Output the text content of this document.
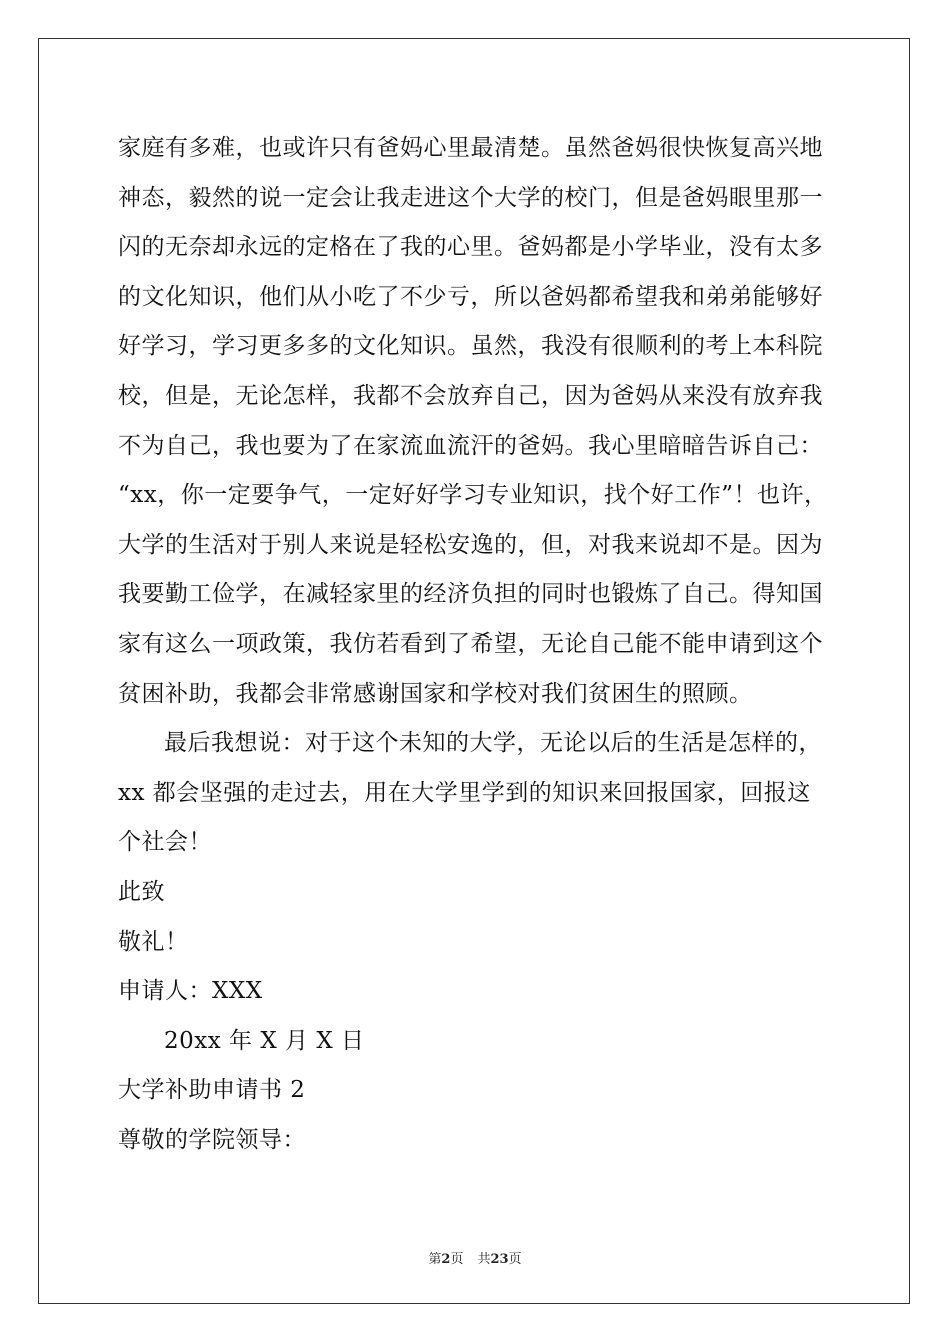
家庭有多难，也或许只有爸妈心里最清楚。虽然爸妈很快恢复高兴地
神态，毅然的说一定会让我走进这个大学的校门，但是爸妈眼里那一
闪的无奈却永远的定格在了我的心里。爸妈都是小学毕业，没有太多
的文化知识，他们从小吃了不少亏，所以爸妈都希望我和弟弟能够好
好学习，学习更多多的文化知识。虽然，我没有很顺利的考上本科院
校，但是，无论怎样，我都不会放弃自己，因为爸妈从来没有放弃我
不为自己，我也要为了在家流血流汗的爸妈。我心里暗暗告诉自己：
“xx，你一定要争气，一定好好学习专业知识，找个好工作”！也许，
大学的生活对于别人来说是轻松安逸的，但，对我来说却不是。因为
我要勤工俭学，在减轻家里的经济负担的同时也锻炼了自己。得知国
家有这么一项政策，我仿若看到了希望，无论自己能不能申请到这个
贫困补助，我都会非常感谢国家和学校对我们贫困生的照顾。
最后我想说：对于这个未知的大学，无论以后的生活是怎样的，
xx 都会坚强的走过去，用在大学里学到的知识来回报国家，回报这
个社会！
此致
敬礼！
申请人：XXX
20xx 年 X 月 X 日
大学补助申请书 2
尊敬的学院领导：
第2页 共23页
